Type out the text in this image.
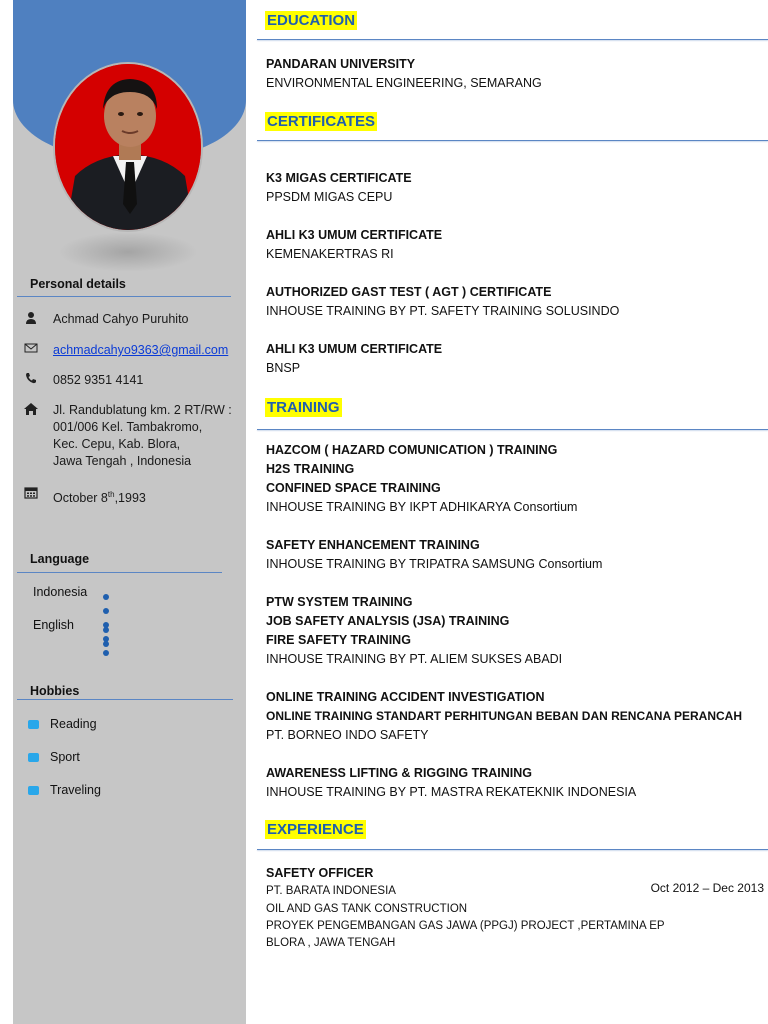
Personal details
Achmad Cahyo Puruhito
achmadcahyo9363@gmail.com
0852 9351 4141
Jl. Randublatung km. 2 RT/RW :
001/006 Kel. Tambakromo,
Kec. Cepu, Kab. Blora,
Jawa Tengah , Indonesia
October 8th,1993
Language
Indonesia
English
Hobbies
Reading
Sport
Traveling
EDUCATION
PANDARAN UNIVERSITY
ENVIRONMENTAL ENGINEERING, SEMARANG
CERTIFICATES
K3 MIGAS CERTIFICATE
PPSDM MIGAS CEPU
AHLI K3 UMUM CERTIFICATE
KEMENAKERTRAS RI
AUTHORIZED GAST TEST ( AGT ) CERTIFICATE
INHOUSE TRAINING BY PT. SAFETY TRAINING SOLUSINDO
AHLI K3 UMUM CERTIFICATE
BNSP
TRAINING
HAZCOM ( HAZARD COMUNICATION ) TRAINING
H2S TRAINING
CONFINED SPACE TRAINING
INHOUSE TRAINING BY IKPT ADHIKARYA Consortium
SAFETY ENHANCEMENT TRAINING
INHOUSE TRAINING BY TRIPATRA SAMSUNG Consortium
PTW SYSTEM TRAINING
JOB SAFETY ANALYSIS (JSA) TRAINING
FIRE SAFETY TRAINING
INHOUSE TRAINING BY PT. ALIEM SUKSES ABADI
ONLINE TRAINING ACCIDENT INVESTIGATION
ONLINE TRAINING STANDART PERHITUNGAN BEBAN DAN RENCANA PERANCAH
PT. BORNEO INDO SAFETY
AWARENESS LIFTING & RIGGING TRAINING
INHOUSE TRAINING BY PT. MASTRA REKATEKNIK INDONESIA
EXPERIENCE
SAFETY OFFICER
PT. BARATA INDONESIA	Oct 2012 – Dec 2013
OIL AND GAS TANK CONSTRUCTION
PROYEK PENGEMBANGAN GAS JAWA (PPGJ) PROJECT ,PERTAMINA EP
BLORA , JAWA TENGAH
